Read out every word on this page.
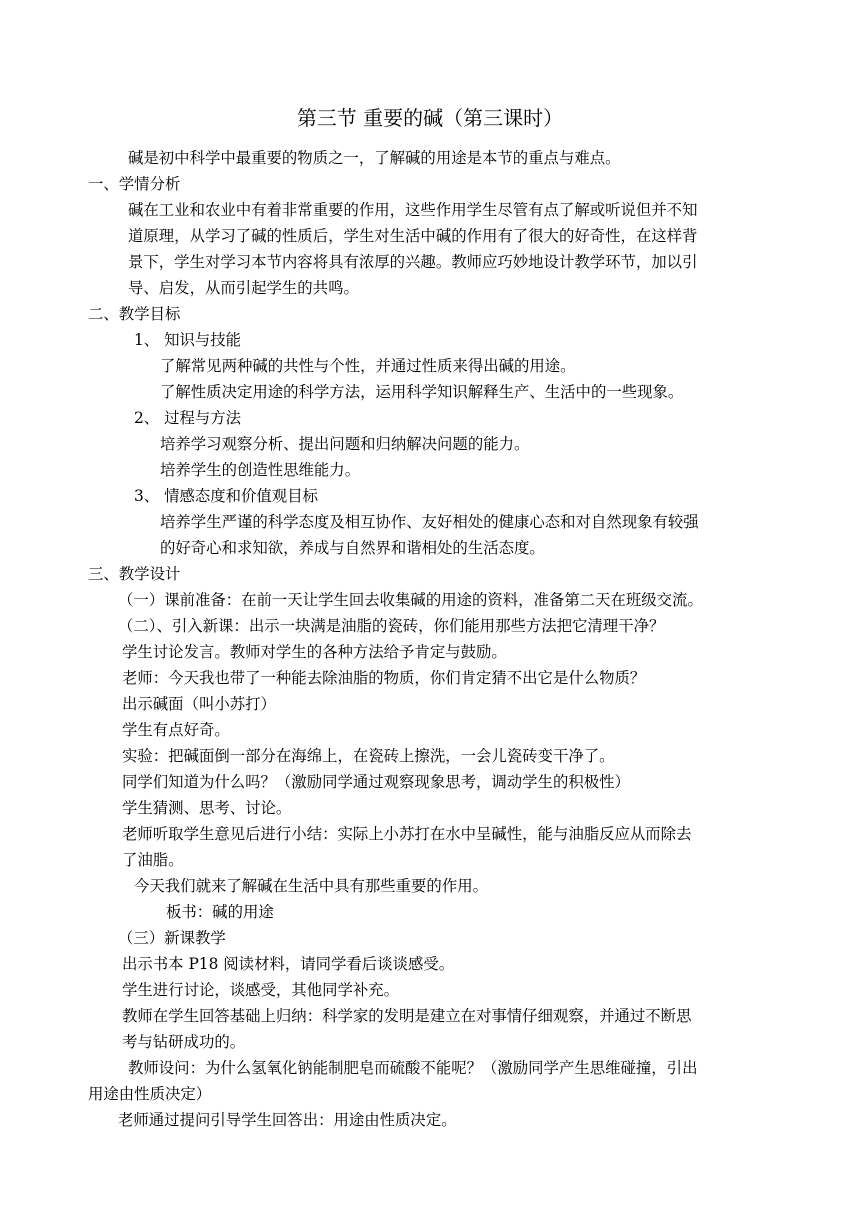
第三节 重要的碱（第三课时）
碱是初中科学中最重要的物质之一，了解碱的用途是本节的重点与难点。
一、学情分析
碱在工业和农业中有着非常重要的作用，这些作用学生尽管有点了解或听说但并不知
道原理，从学习了碱的性质后，学生对生活中碱的作用有了很大的好奇性，在这样背
景下，学生对学习本节内容将具有浓厚的兴趣。教师应巧妙地设计教学环节，加以引
导、启发，从而引起学生的共鸣。
二、教学目标
1、 知识与技能
了解常见两种碱的共性与个性，并通过性质来得出碱的用途。
了解性质决定用途的科学方法，运用科学知识解释生产、生活中的一些现象。
2、 过程与方法
培养学习观察分析、提出问题和归纳解决问题的能力。
培养学生的创造性思维能力。
3、 情感态度和价值观目标
培养学生严谨的科学态度及相互协作、友好相处的健康心态和对自然现象有较强
的好奇心和求知欲，养成与自然界和谐相处的生活态度。
三、教学设计
（一）课前准备：在前一天让学生回去收集碱的用途的资料，准备第二天在班级交流。
（二）、引入新课：出示一块满是油脂的瓷砖，你们能用那些方法把它清理干净？
学生讨论发言。教师对学生的各种方法给予肯定与鼓励。
老师：今天我也带了一种能去除油脂的物质，你们肯定猜不出它是什么物质？
出示碱面（叫小苏打）
学生有点好奇。
实验：把碱面倒一部分在海绵上，在瓷砖上擦洗，一会儿瓷砖变干净了。
同学们知道为什么吗？（激励同学通过观察现象思考，调动学生的积极性）
学生猜测、思考、讨论。
老师听取学生意见后进行小结：实际上小苏打在水中呈碱性，能与油脂反应从而除去
了油脂。
今天我们就来了解碱在生活中具有那些重要的作用。
板书：碱的用途
（三）新课教学
出示书本 P18 阅读材料，请同学看后谈谈感受。
学生进行讨论，谈感受，其他同学补充。
教师在学生回答基础上归纳：科学家的发明是建立在对事情仔细观察，并通过不断思
考与钻研成功的。
教师设问：为什么氢氧化钠能制肥皂而硫酸不能呢？（激励同学产生思维碰撞，引出
用途由性质决定）
老师通过提问引导学生回答出：用途由性质决定。
